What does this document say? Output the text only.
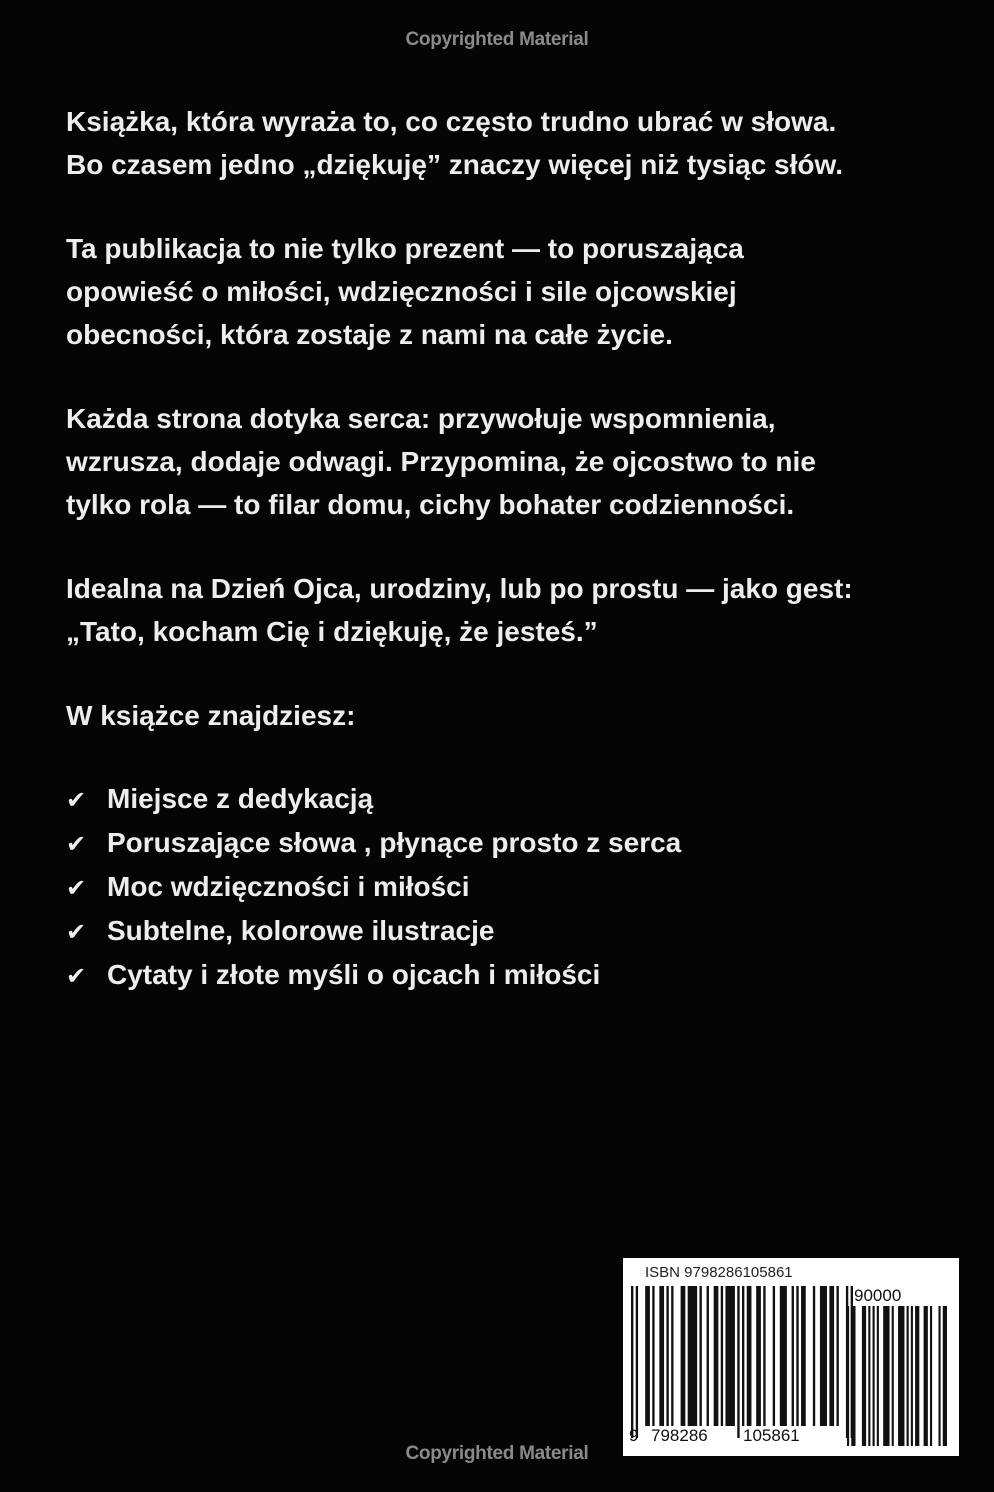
Copyrighted Material
Książka, która wyraża to, co często trudno ubrać w słowa.
Bo czasem jedno „dziękuję” znaczy więcej niż tysiąc słów.
Ta publikacja to nie tylko prezent — to poruszająca
opowieść o miłości, wdzięczności i sile ojcowskiej
obecności, która zostaje z nami na całe życie.
Każda strona dotyka serca: przywołuje wspomnienia,
wzrusza, dodaje odwagi. Przypomina, że ojcostwo to nie
tylko rola — to filar domu, cichy bohater codzienności.
Idealna na Dzień Ojca, urodziny, lub po prostu — jako gest:
„Tato, kocham Cię i dziękuję, że jesteś.”
W książce znajdziesz:
✔ Miejsce z dedykacją
✔ Poruszające słowa , płynące prosto z serca
✔ Moc wdzięczności i miłości
✔ Subtelne, kolorowe ilustracje
✔ Cytaty i złote myśli o ojcach i miłości
Copyrighted Material
ISBN 9798286105861
90000
9 798286	105861
